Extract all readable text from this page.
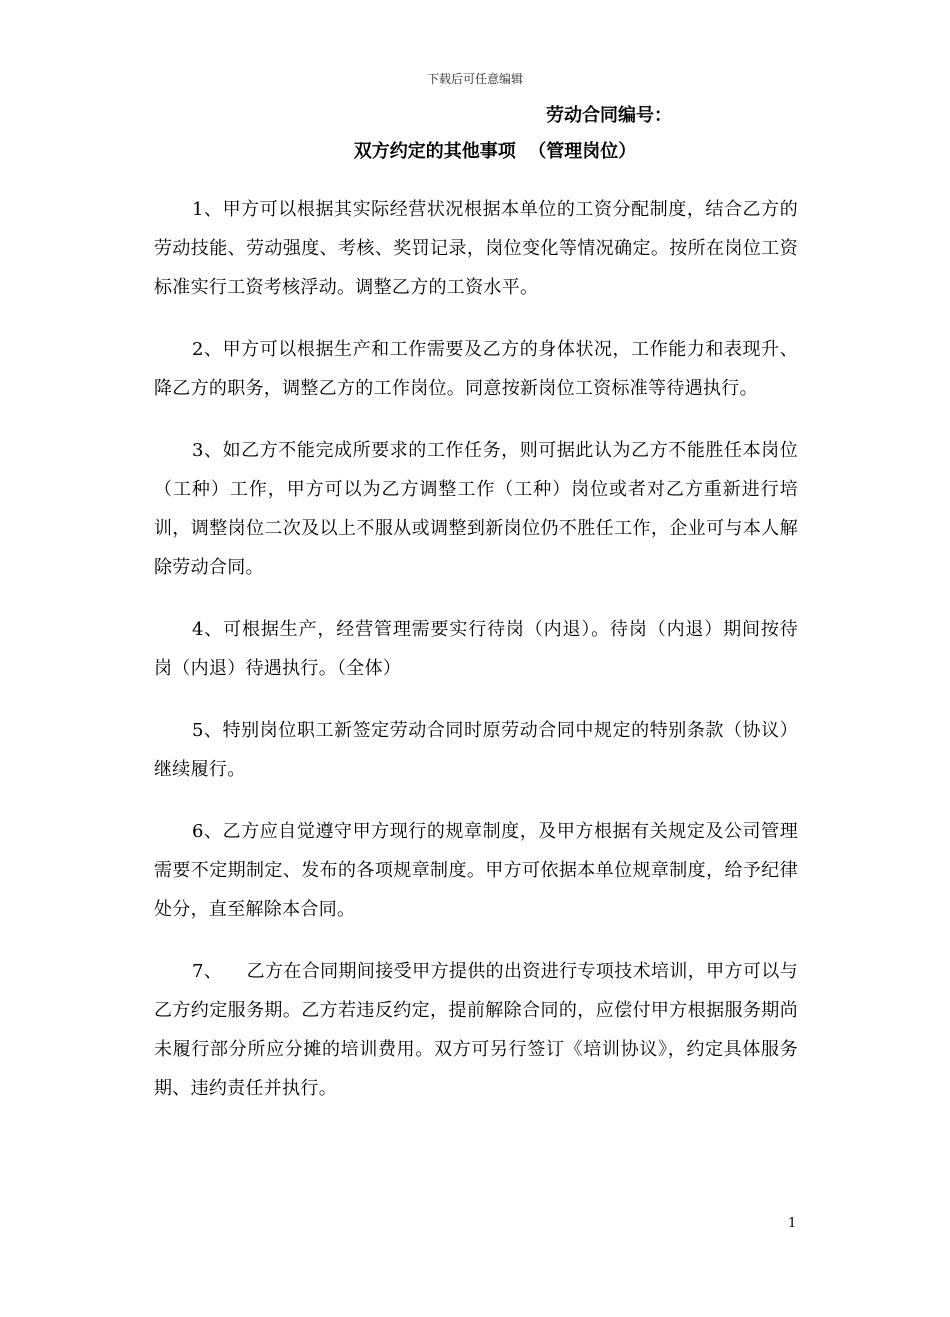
下载后可任意编辑
劳动合同编号：
双方约定的其他事项  （管理岗位）

1、甲方可以根据其实际经营状况根据本单位的工资分配制度，结合乙方的劳动技能、劳动强度、考核、奖罚记录，岗位变化等情况确定。按所在岗位工资标准实行工资考核浮动。调整乙方的工资水平。

2、甲方可以根据生产和工作需要及乙方的身体状况，工作能力和表现升、降乙方的职务，调整乙方的工作岗位。同意按新岗位工资标准等待遇执行。

3、如乙方不能完成所要求的工作任务，则可据此认为乙方不能胜任本岗位（工种）工作，甲方可以为乙方调整工作（工种）岗位或者对乙方重新进行培训，调整岗位二次及以上不服从或调整到新岗位仍不胜任工作，企业可与本人解除劳动合同。

4、可根据生产，经营管理需要实行待岗（内退）。待岗（内退）期间按待岗（内退）待遇执行。（全体）

5、特别岗位职工新签定劳动合同时原劳动合同中规定的特别条款（协议）继续履行。

6、乙方应自觉遵守甲方现行的规章制度，及甲方根据有关规定及公司管理需要不定期制定、发布的各项规章制度。甲方可依据本单位规章制度，给予纪律处分，直至解除本合同。

7、    乙方在合同期间接受甲方提供的出资进行专项技术培训，甲方可以与乙方约定服务期。乙方若违反约定，提前解除合同的，应偿付甲方根据服务期尚未履行部分所应分摊的培训费用。双方可另行签订《培训协议》，约定具体服务期、违约责任并执行。

1
